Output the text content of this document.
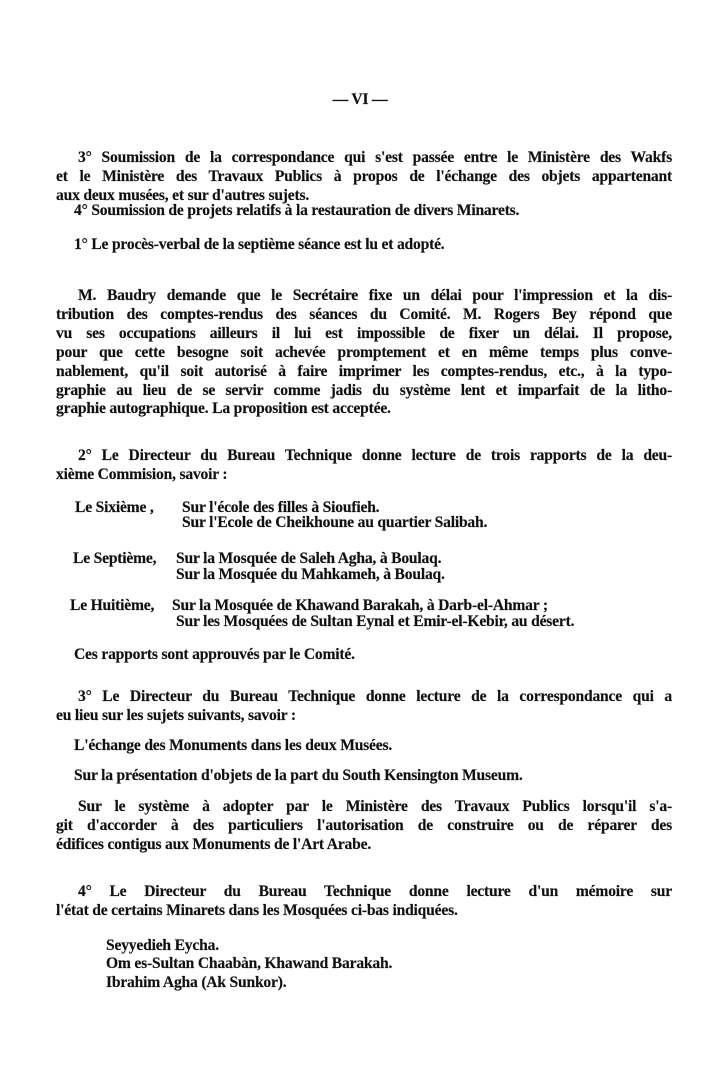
— VI —
3° Soumission de la correspondance qui s'est passée entre le Ministère des Wakfs
et le Ministère des Travaux Publics à propos de l'échange des objets appartenant
aux deux musées, et sur d'autres sujets.
4° Soumission de projets relatifs à la restauration de divers Minarets.
1° Le procès-verbal de la septième séance est lu et adopté.
M. Baudry demande que le Secrétaire fixe un délai pour l'impression et la dis-
tribution des comptes-rendus des séances du Comité. M. Rogers Bey répond que
vu ses occupations ailleurs il lui est impossible de fixer un délai. Il propose,
pour que cette besogne soit achevée promptement et en même temps plus conve-
nablement, qu'il soit autorisé à faire imprimer les comptes-rendus, etc., à la typo-
graphie au lieu de se servir comme jadis du système lent et imparfait de la litho-
graphie autographique. La proposition est acceptée.
2° Le Directeur du Bureau Technique donne lecture de trois rapports de la deu-
xième Commision, savoir :
Le Sixième , Sur l'école des filles à Sioufieh.
Sur l'Ecole de Cheikhoune au quartier Salibah.
Le Septième, Sur la Mosquée de Saleh Agha, à Boulaq.
Sur la Mosquée du Mahkameh, à Boulaq.
Le Huitième, Sur la Mosquée de Khawand Barakah, à Darb-el-Ahmar ;
Sur les Mosquées de Sultan Eynal et Emir-el-Kebir, au désert.
Ces rapports sont approuvés par le Comité.
3° Le Directeur du Bureau Technique donne lecture de la correspondance qui a
eu lieu sur les sujets suivants, savoir :
L'échange des Monuments dans les deux Musées.
Sur la présentation d'objets de la part du South Kensington Museum.
Sur le système à adopter par le Ministère des Travaux Publics lorsqu'il s'a-
git d'accorder à des particuliers l'autorisation de construire ou de réparer des
édifices contigus aux Monuments de l'Art Arabe.
4° Le Directeur du Bureau Technique donne lecture d'un mémoire sur
l'état de certains Minarets dans les Mosquées ci-bas indiquées.
Seyyedieh Eycha.
Om es-Sultan Chaabàn, Khawand Barakah.
Ibrahim Agha (Ak Sunkor).
